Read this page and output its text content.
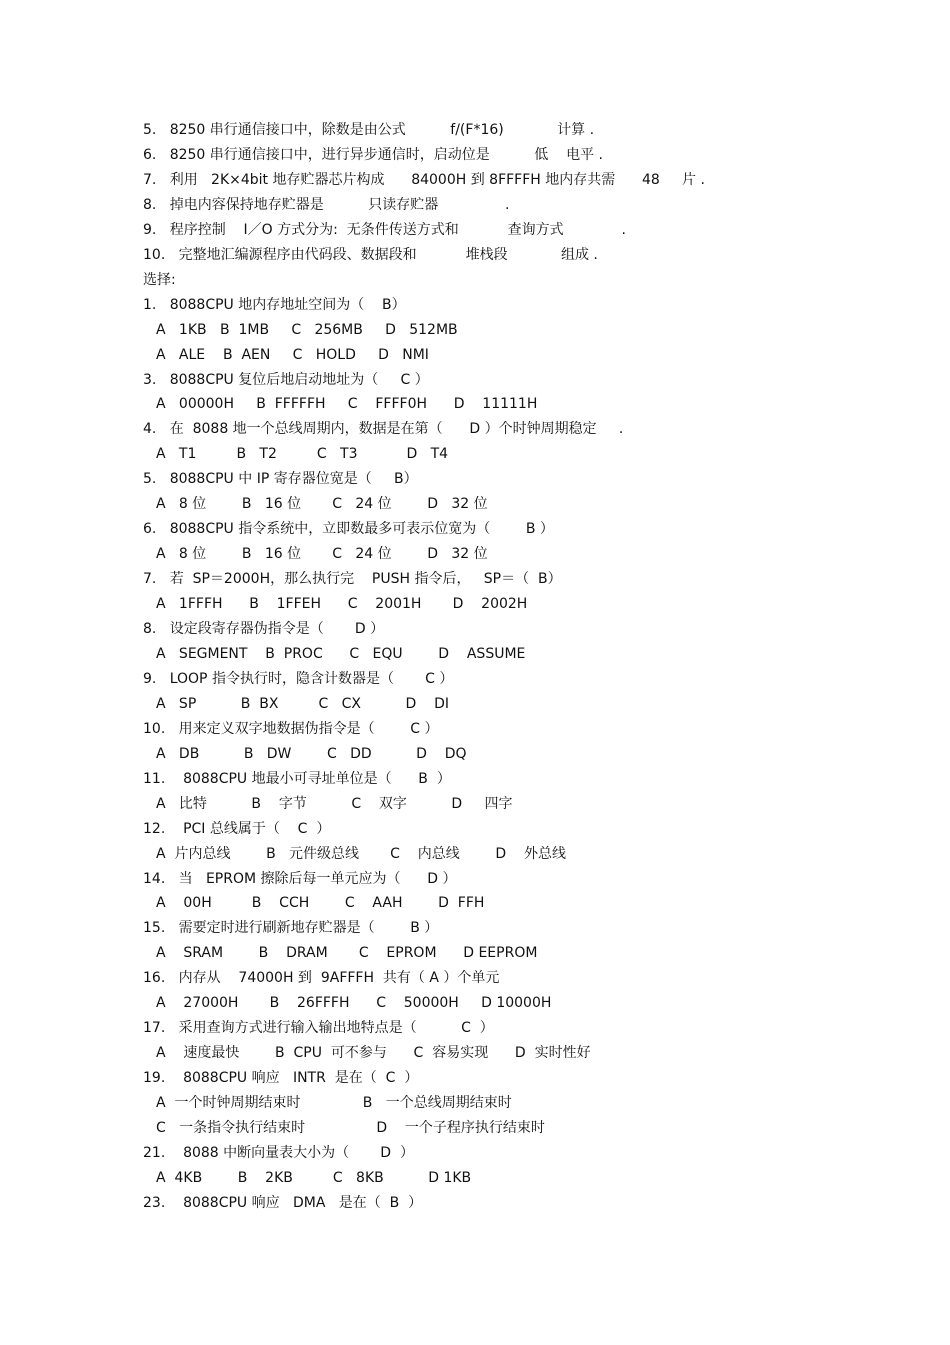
5.   8250 串行通信接口中，除数是由公式          f/(F*16)            计算 .
6.   8250 串行通信接口中，进行异步通信时，启动位是          低    电平 .
7.   利用   2K×4bit 地存贮器芯片构成      84000H 到 8FFFFH 地内存共需      48     片 .
8.   掉电内容保持地存贮器是          只读存贮器               .
9.   程序控制    I／O 方式分为:  无条件传送方式和           查询方式             .
10.   完整地汇编源程序由代码段、数据段和           堆栈段            组成 .
选择:
1.   8088CPU 地内存地址空间为（    B）
A   1KB   B  1MB     C   256MB     D   512MB
A   ALE    B  AEN     C   HOLD     D   NMI
3.   8088CPU 复位后地启动地址为（     C ）
A   00000H     B  FFFFFH     C    FFFF0H      D    11111H
4.   在  8088 地一个总线周期内，数据是在第（      D ）个时钟周期稳定     .
A   T1         B   T2         C   T3           D   T4
5.   8088CPU 中 IP 寄存器位宽是（     B）
A   8 位        B   16 位       C   24 位        D   32 位
6.   8088CPU 指令系统中，立即数最多可表示位宽为（        B ）
A   8 位        B   16 位       C   24 位        D   32 位
7.   若  SP＝2000H，那么执行完    PUSH 指令后，   SP＝（  B）
A   1FFFH      B    1FFEH      C    2001H       D    2002H
8.   设定段寄存器伪指令是（       D ）
A   SEGMENT    B  PROC      C   EQU        D    ASSUME
9.   LOOP 指令执行时，隐含计数器是（       C ）
A   SP          B  BX         C   CX          D    DI
10.   用来定义双字地数据伪指令是（        C ）
A   DB          B   DW        C   DD          D    DQ
11.    8088CPU 地最小可寻址单位是（      B  ）
A   比特          B    字节          C    双字          D     四字
12.    PCI 总线属于（    C  ）
A  片内总线        B   元件级总线       C    内总线        D    外总线
14.   当   EPROM 擦除后每一单元应为（      D ）
A    00H         B    CCH        C    AAH        D  FFH
15.   需要定时进行刷新地存贮器是（        B ）
A    SRAM        B    DRAM       C    EPROM      D EEPROM
16.   内存从    74000H 到  9AFFFH  共有（ A ）个单元
A    27000H       B    26FFFH      C    50000H     D 10000H
17.   采用查询方式进行输入输出地特点是（          C  ）
A    速度最快        B  CPU  可不参与      C  容易实现      D  实时性好
19.    8088CPU 响应   INTR  是在（  C  ）
A  一个时钟周期结束时              B   一个总线周期结束时
C   一条指令执行结束时                D    一个子程序执行结束时
21.    8088 中断向量表大小为（       D  ）
A  4KB        B    2KB         C   8KB          D 1KB
23.    8088CPU 响应   DMA   是在（  B  ）
